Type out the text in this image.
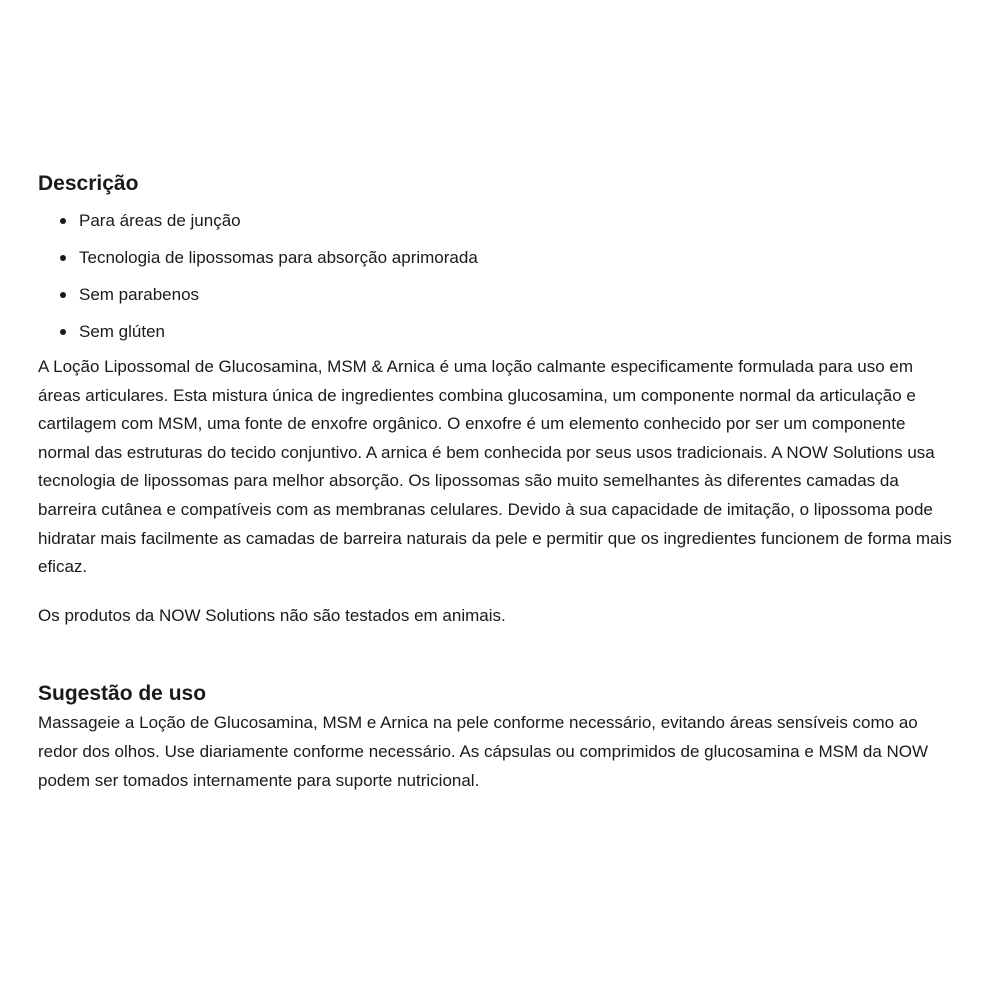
Descrição
Para áreas de junção
Tecnologia de lipossomas para absorção aprimorada
Sem parabenos
Sem glúten

A Loção Lipossomal de Glucosamina, MSM & Arnica é uma loção calmante especificamente formulada para uso em áreas articulares. Esta mistura única de ingredientes combina glucosamina, um componente normal da articulação e cartilagem com MSM, uma fonte de enxofre orgânico. O enxofre é um elemento conhecido por ser um componente normal das estruturas do tecido conjuntivo. A arnica é bem conhecida por seus usos tradicionais. A NOW Solutions usa tecnologia de lipossomas para melhor absorção. Os lipossomas são muito semelhantes às diferentes camadas da barreira cutânea e compatíveis com as membranas celulares. Devido à sua capacidade de imitação, o lipossoma pode hidratar mais facilmente as camadas de barreira naturais da pele e permitir que os ingredientes funcionem de forma mais eficaz.

Os produtos da NOW Solutions não são testados em animais.

Sugestão de uso

Massageie a Loção de Glucosamina, MSM e Arnica na pele conforme necessário, evitando áreas sensíveis como ao redor dos olhos. Use diariamente conforme necessário. As cápsulas ou comprimidos de glucosamina e MSM da NOW podem ser tomados internamente para suporte nutricional.
